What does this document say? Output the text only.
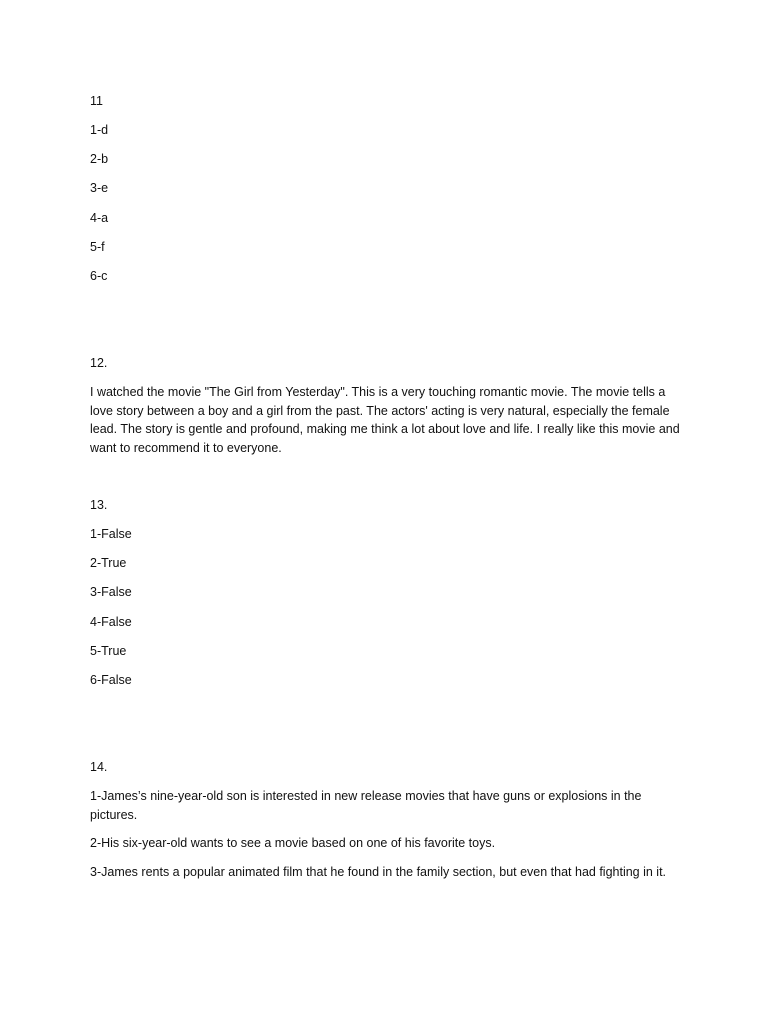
11

1-d

2-b

3-e

4-a

5-f

6-c

12.

I watched the movie "The Girl from Yesterday". This is a very touching romantic movie. The movie tells a love story between a boy and a girl from the past. The actors' acting is very natural, especially the female lead. The story is gentle and profound, making me think a lot about love and life. I really like this movie and want to recommend it to everyone.

13.

1-False

2-True

3-False

4-False

5-True

6-False

14.

1-James’s nine-year-old son is interested in new release movies that have guns or explosions in the pictures.

2-His six-year-old wants to see a movie based on one of his favorite toys.

3-James rents a popular animated film that he found in the family section, but even that had fighting in it.
